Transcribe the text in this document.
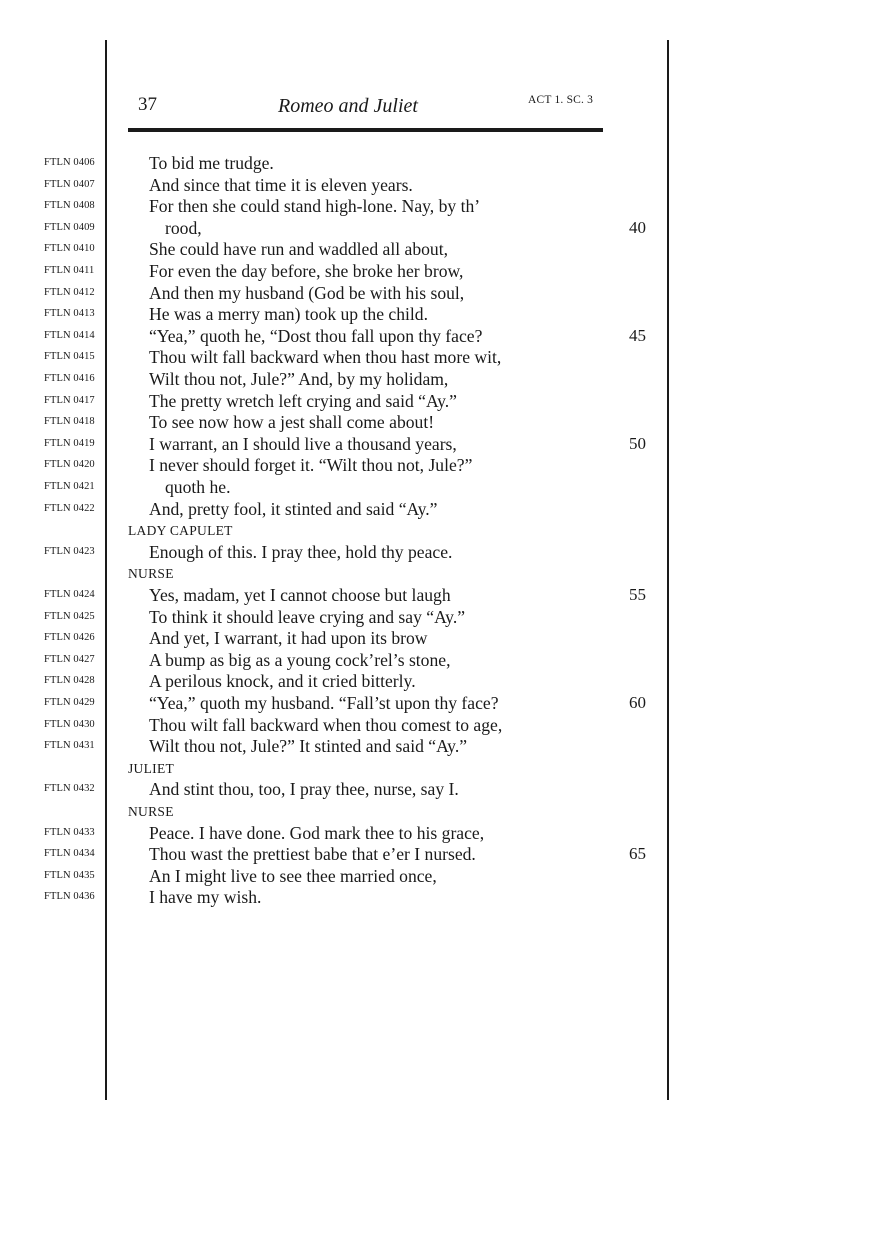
37	Romeo and Juliet	ACT 1. SC. 3
FTLN 0406	To bid me trudge.
FTLN 0407	And since that time it is eleven years.
FTLN 0408	For then she could stand high-lone. Nay, by th’
FTLN 0409	rood,	40
FTLN 0410	She could have run and waddled all about,
FTLN 0411	For even the day before, she broke her brow,
FTLN 0412	And then my husband (God be with his soul,
FTLN 0413	He was a merry man) took up the child.
FTLN 0414	“Yea,” quoth he, “Dost thou fall upon thy face?	45
FTLN 0415	Thou wilt fall backward when thou hast more wit,
FTLN 0416	Wilt thou not, Jule?” And, by my holidam,
FTLN 0417	The pretty wretch left crying and said “Ay.”
FTLN 0418	To see now how a jest shall come about!
FTLN 0419	I warrant, an I should live a thousand years,	50
FTLN 0420	I never should forget it. “Wilt thou not, Jule?”
FTLN 0421	quoth he.
FTLN 0422	And, pretty fool, it stinted and said “Ay.”
LADY CAPULET
FTLN 0423	Enough of this. I pray thee, hold thy peace.
NURSE
FTLN 0424	Yes, madam, yet I cannot choose but laugh	55
FTLN 0425	To think it should leave crying and say “Ay.”
FTLN 0426	And yet, I warrant, it had upon its brow
FTLN 0427	A bump as big as a young cock’rel’s stone,
FTLN 0428	A perilous knock, and it cried bitterly.
FTLN 0429	“Yea,” quoth my husband. “Fall’st upon thy face?	60
FTLN 0430	Thou wilt fall backward when thou comest to age,
FTLN 0431	Wilt thou not, Jule?” It stinted and said “Ay.”
JULIET
FTLN 0432	And stint thou, too, I pray thee, nurse, say I.
NURSE
FTLN 0433	Peace. I have done. God mark thee to his grace,
FTLN 0434	Thou wast the prettiest babe that e’er I nursed.	65
FTLN 0435	An I might live to see thee married once,
FTLN 0436	I have my wish.
